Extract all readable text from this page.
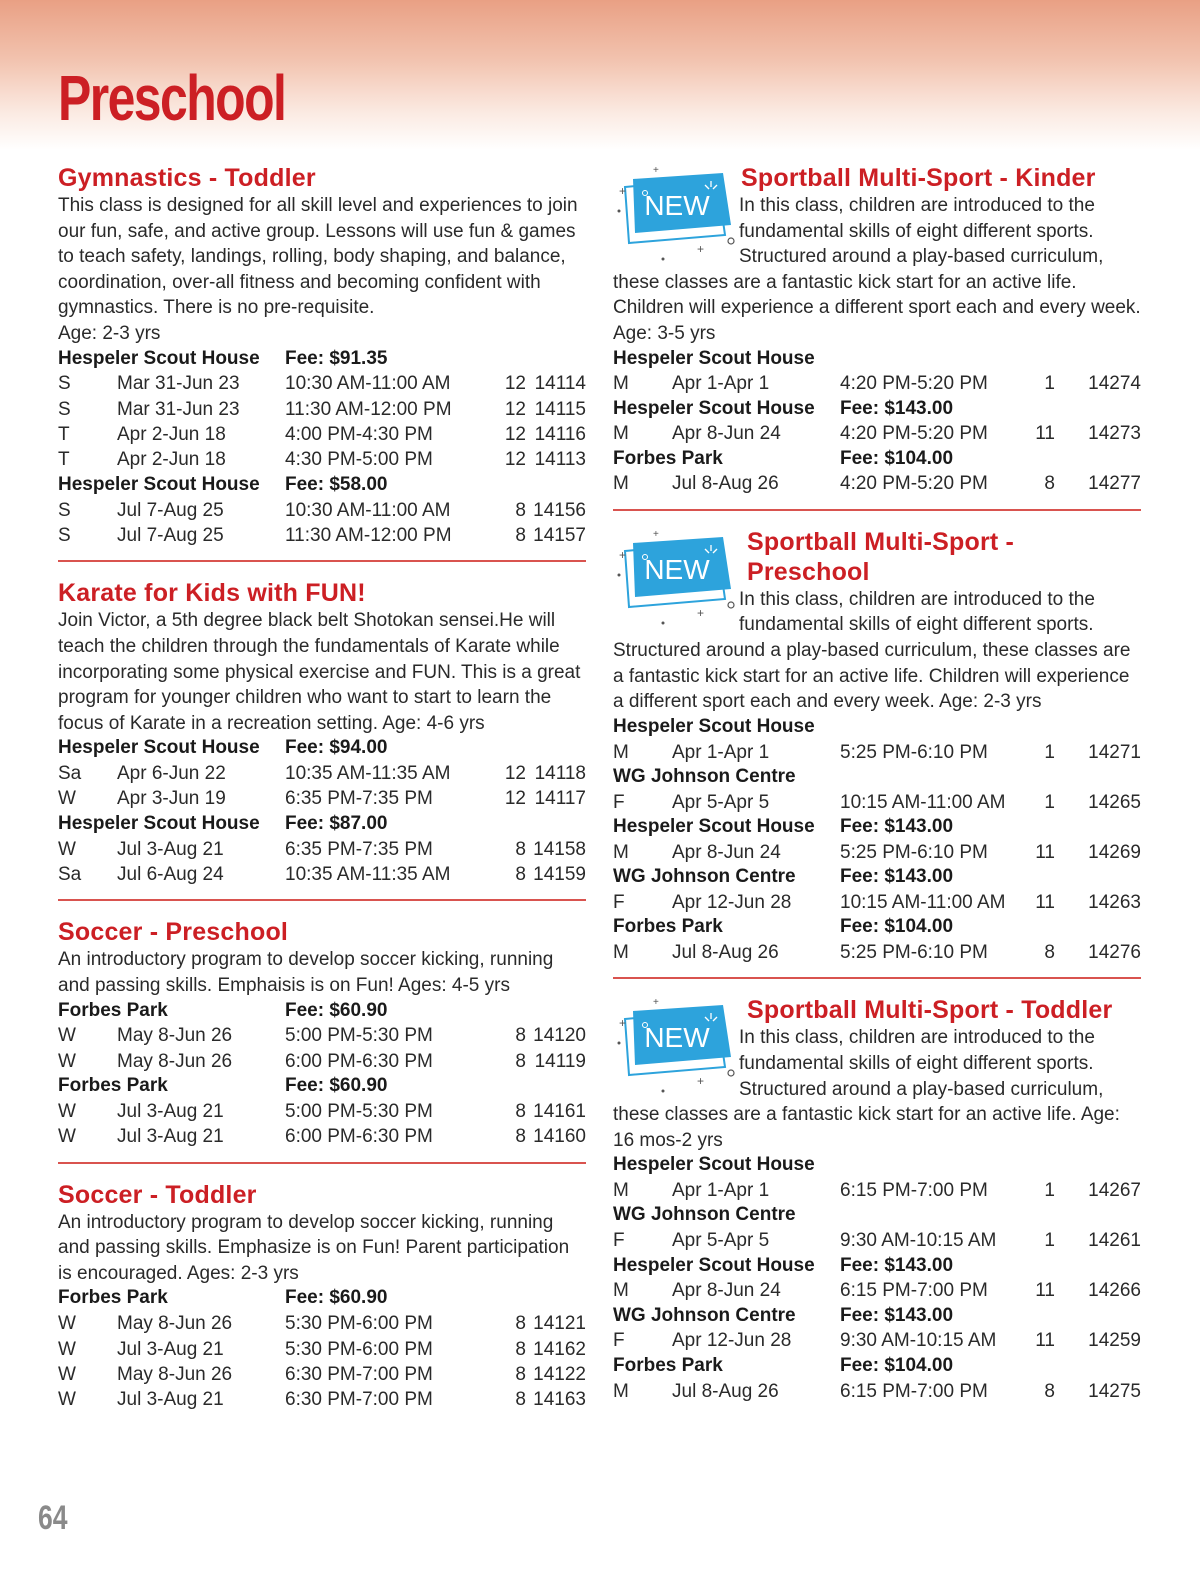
Preschool
Gymnastics - Toddler

This class is designed for all skill level and experiences to join our fun, safe, and active group. Lessons will use fun & games to teach safety, landings, rolling, body shaping, and balance, coordination, over-all fitness and becoming confident with gymnastics. There is no pre-requisite.

Age: 2-3 yrs

Hespeler Scout House	Fee: $91.35
S	Mar 31-Jun 23	10:30 AM-11:00 AM	12 14114
S	Mar 31-Jun 23	11:30 AM-12:00 PM	12 14115
T	Apr 2-Jun 18	4:00 PM-4:30 PM	12 14116
T	Apr 2-Jun 18	4:30 PM-5:00 PM	12 14113
Hespeler Scout House	Fee: $58.00
S	Jul 7-Aug 25	10:30 AM-11:00 AM	8 14156
S	Jul 7-Aug 25	11:30 AM-12:00 PM	8 14157
Karate for Kids with FUN!

Join Victor, a 5th degree black belt Shotokan sensei.He will teach the children through the fundamentals of Karate while incorporating some physical exercise and FUN. This is a great program for younger children who want to start to learn the focus of Karate in a recreation setting. Age: 4-6 yrs

Hespeler Scout House	Fee: $94.00
Sa	Apr 6-Jun 22	10:35 AM-11:35 AM	12 14118
W	Apr 3-Jun 19	6:35 PM-7:35 PM	12 14117
Hespeler Scout House	Fee: $87.00
W	Jul 3-Aug 21	6:35 PM-7:35 PM	8 14158
Sa	Jul 6-Aug 24	10:35 AM-11:35 AM	8 14159
Soccer - Preschool

An introductory program to develop soccer kicking, running and passing skills. Emphaisis is on Fun! Ages: 4-5 yrs

Forbes Park	Fee: $60.90
W	May 8-Jun 26	5:00 PM-5:30 PM	8 14120
W	May 8-Jun 26	6:00 PM-6:30 PM	8 14119
Forbes Park	Fee: $60.90
W	Jul 3-Aug 21	5:00 PM-5:30 PM	8 14161
W	Jul 3-Aug 21	6:00 PM-6:30 PM	8 14160
Soccer - Toddler

An introductory program to develop soccer kicking, running and passing skills. Emphasize is on Fun! Parent participation is encouraged. Ages: 2-3 yrs

Forbes Park	Fee: $60.90
W	May 8-Jun 26	5:30 PM-6:00 PM	8 14121
W	Jul 3-Aug 21	5:30 PM-6:00 PM	8 14162
W	May 8-Jun 26	6:30 PM-7:00 PM	8 14122
W	Jul 3-Aug 21	6:30 PM-7:00 PM	8 14163
+
+
+
NEW
Sportball Multi-Sport - Kinder
In this class, children are introduced to the fundamental skills of eight different sports. Structured around a play-based curriculum, these classes are a fantastic kick start for an active life. Children will experience a different sport each and every week. Age: 3-5 yrs
Hespeler Scout House
M	Apr 1-Apr 1	4:20 PM-5:20 PM	1	14274
Hespeler Scout House	Fee: $143.00
M	Apr 8-Jun 24	4:20 PM-5:20 PM	11	14273
Forbes Park	Fee: $104.00
M	Jul 8-Aug 26	4:20 PM-5:20 PM	8	14277
+
+
+
NEW
Sportball Multi-Sport - Preschool
In this class, children are introduced to the fundamental skills of eight different sports. Structured around a play-based curriculum, these classes are a fantastic kick start for an active life. Children will experience a different sport each and every week. Age: 2-3 yrs
Hespeler Scout House
M	Apr 1-Apr 1	5:25 PM-6:10 PM	1	14271
WG Johnson Centre
F	Apr 5-Apr 5	10:15 AM-11:00 AM	1	14265
Hespeler Scout House	Fee: $143.00
M	Apr 8-Jun 24	5:25 PM-6:10 PM	11	14269
WG Johnson Centre	Fee: $143.00
F	Apr 12-Jun 28	10:15 AM-11:00 AM	11	14263
Forbes Park	Fee: $104.00
M	Jul 8-Aug 26	5:25 PM-6:10 PM	8	14276
+
+
+
NEW
Sportball Multi-Sport - Toddler
In this class, children are introduced to the fundamental skills of eight different sports. Structured around a play-based curriculum, these classes are a fantastic kick start for an active life. Age: 16 mos-2 yrs
Hespeler Scout House
M	Apr 1-Apr 1	6:15 PM-7:00 PM	1	14267
WG Johnson Centre
F	Apr 5-Apr 5	9:30 AM-10:15 AM	1	14261
Hespeler Scout House	Fee: $143.00
M	Apr 8-Jun 24	6:15 PM-7:00 PM	11	14266
WG Johnson Centre	Fee: $143.00
F	Apr 12-Jun 28	9:30 AM-10:15 AM	11	14259
Forbes Park	Fee: $104.00
M	Jul 8-Aug 26	6:15 PM-7:00 PM	8	14275
64
